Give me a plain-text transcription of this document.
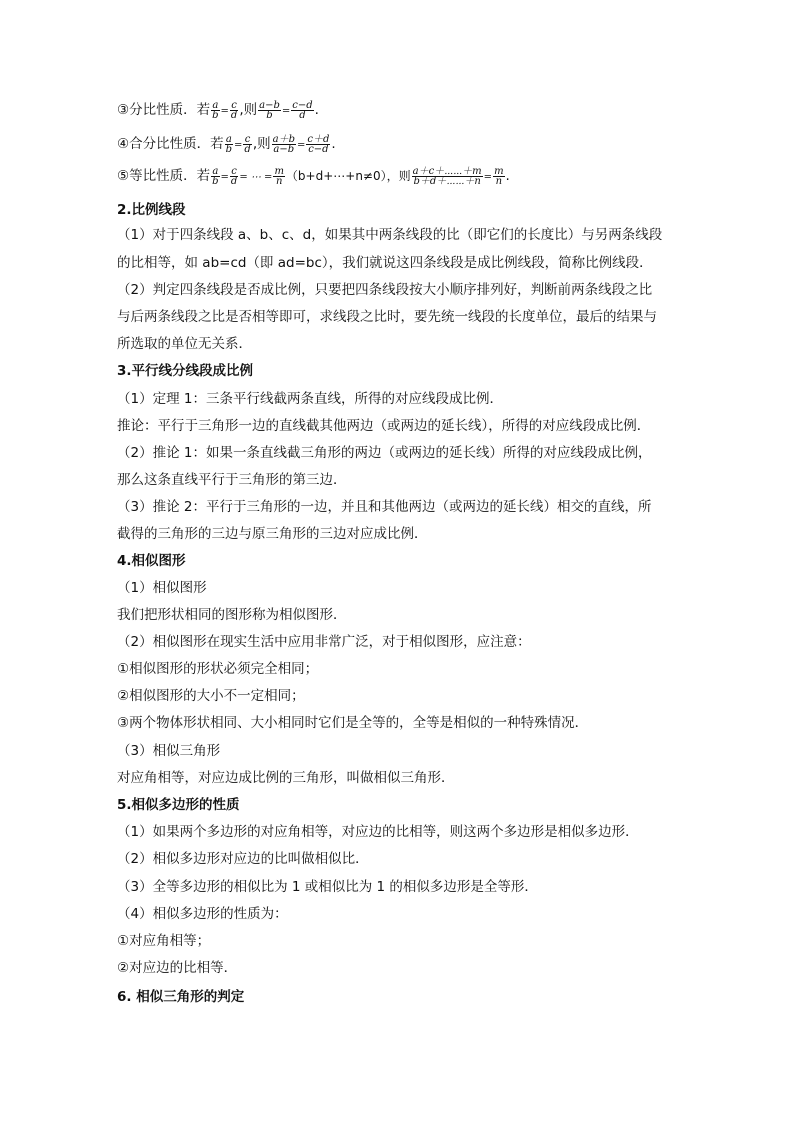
③分比性质．若 $\frac{a}{b} = \frac{c}{d}$ ,则 $\frac{a-b}{b} = \frac{c-d}{d}$ .
④合分比性质．若 $\frac{a}{b} = \frac{c}{d}$ ,则 $\frac{a+b}{a-b} = \frac{c+d}{c-d}$ .
⑤等比性质．若 $\frac{a}{b} = \frac{c}{d}$ = ⋯ = $\frac{m}{n}$ （b+d+⋯+n≠0），则 $\frac{a+c+\cdots\cdots+m}{b+d+\cdots\cdots+n} = \frac{m}{n}$ .
2.比例线段
（1）对于四条线段 a、b、c、d，如果其中两条线段的比（即它们的长度比）与另两条线段
的比相等，如 ab=cd（即 ad=bc），我们就说这四条线段是成比例线段，简称比例线段．
（2）判定四条线段是否成比例，只要把四条线段按大小顺序排列好，判断前两条线段之比
与后两条线段之比是否相等即可，求线段之比时，要先统一线段的长度单位，最后的结果与
所选取的单位无关系．
3.平行线分线段成比例
（1）定理 1：三条平行线截两条直线，所得的对应线段成比例．
推论：平行于三角形一边的直线截其他两边（或两边的延长线），所得的对应线段成比例．
（2）推论 1：如果一条直线截三角形的两边（或两边的延长线）所得的对应线段成比例，
那么这条直线平行于三角形的第三边．
（3）推论 2：平行于三角形的一边，并且和其他两边（或两边的延长线）相交的直线，所
截得的三角形的三边与原三角形的三边对应成比例．
4.相似图形
（1）相似图形
我们把形状相同的图形称为相似图形．
（2）相似图形在现实生活中应用非常广泛，对于相似图形，应注意：
①相似图形的形状必须完全相同；
②相似图形的大小不一定相同；
③两个物体形状相同、大小相同时它们是全等的，全等是相似的一种特殊情况．
（3）相似三角形
对应角相等，对应边成比例的三角形，叫做相似三角形．
5.相似多边形的性质
（1）如果两个多边形的对应角相等，对应边的比相等，则这两个多边形是相似多边形．
（2）相似多边形对应边的比叫做相似比．
（3）全等多边形的相似比为 1 或相似比为 1 的相似多边形是全等形．
（4）相似多边形的性质为：
①对应角相等；
②对应边的比相等．
6. 相似三角形的判定
